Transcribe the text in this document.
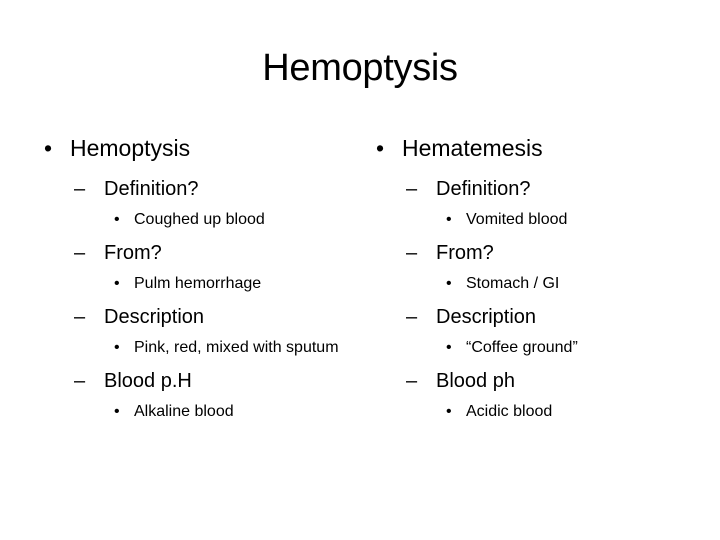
Hemoptysis
• Hemoptysis
– Definition?
• Coughed up blood
– From?
• Pulm hemorrhage
– Description
• Pink, red, mixed with sputum
– Blood p.H
• Alkaline blood
• Hematemesis
– Definition?
• Vomited blood
– From?
• Stomach / GI
– Description
• “Coffee ground”
– Blood ph
• Acidic blood
